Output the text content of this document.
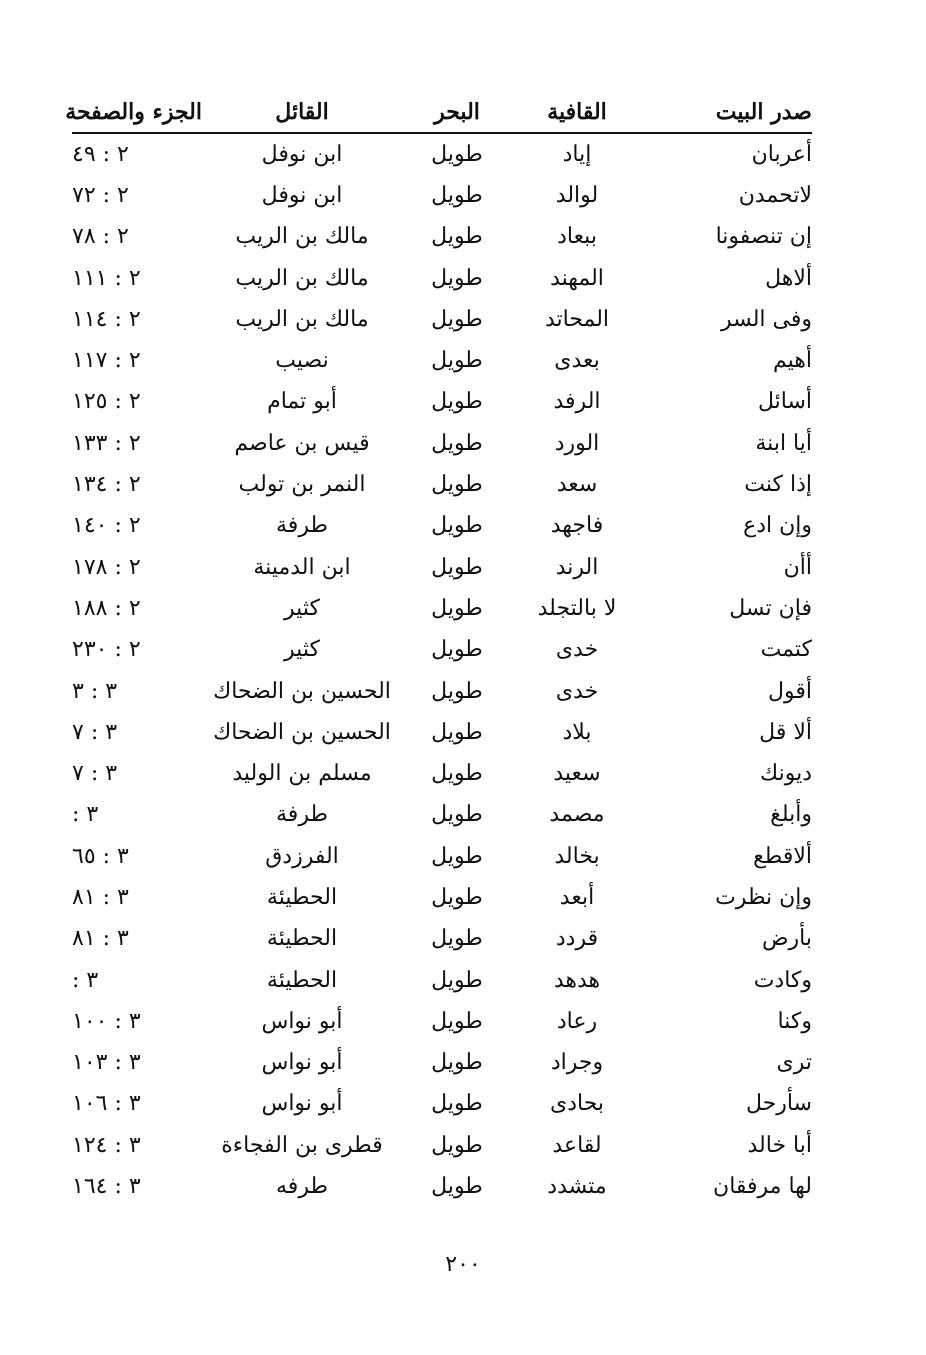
صدر البيت
القافية
البحر
القائل
الجزء والصفحة
أعربان
إياد
طويل
ابن نوفل
٢ : ٤٩
لاتحمدن
لوالد
طويل
ابن نوفل
٢ : ٧٢
إن تنصفونا
ببعاد
طويل
مالك بن الريب
٢ : ٧٨
ألاهل
المهند
طويل
مالك بن الريب
٢ : ١١١
وفى السر
المحاتد
طويل
مالك بن الريب
٢ : ١١٤
أهيم
بعدى
طويل
نصيب
٢ : ١١٧
أسائل
الرفد
طويل
أبو تمام
٢ : ١٢٥
أيا ابنة
الورد
طويل
قيس بن عاصم
٢ : ١٣٣
إذا كنت
سعد
طويل
النمر بن تولب
٢ : ١٣٤
وإن ادع
فاجهد
طويل
طرفة
٢ : ١٤٠
أأن
الرند
طويل
ابن الدمينة
٢ : ١٧٨
فإن تسل
لا بالتجلد
طويل
كثير
٢ : ١٨٨
كتمت
خدى
طويل
كثير
٢ : ٢٣٠
أقول
خدى
طويل
الحسين بن الضحاك
٣ : ٣
ألا قل
بلاد
طويل
الحسين بن الضحاك
٣ : ٧
ديونك
سعيد
طويل
مسلم بن الوليد
٣ : ٧
وأبلغ
مصمد
طويل
طرفة
٣ :
ألاقطع
بخالد
طويل
الفرزدق
٣ : ٦٥
وإن نظرت
أبعد
طويل
الحطيئة
٣ : ٨١
بأرض
قردد
طويل
الحطيئة
٣ : ٨١
وكادت
هدهد
طويل
الحطيئة
٣ :
وكنا
رعاد
طويل
أبو نواس
٣ : ١٠٠
ترى
وجراد
طويل
أبو نواس
٣ : ١٠٣
سأرحل
بحادى
طويل
أبو نواس
٣ : ١٠٦
أبا خالد
لقاعد
طويل
قطرى بن الفجاءة
٣ : ١٢٤
لها مرفقان
متشدد
طويل
طرفه
٣ : ١٦٤
٢٠٠
